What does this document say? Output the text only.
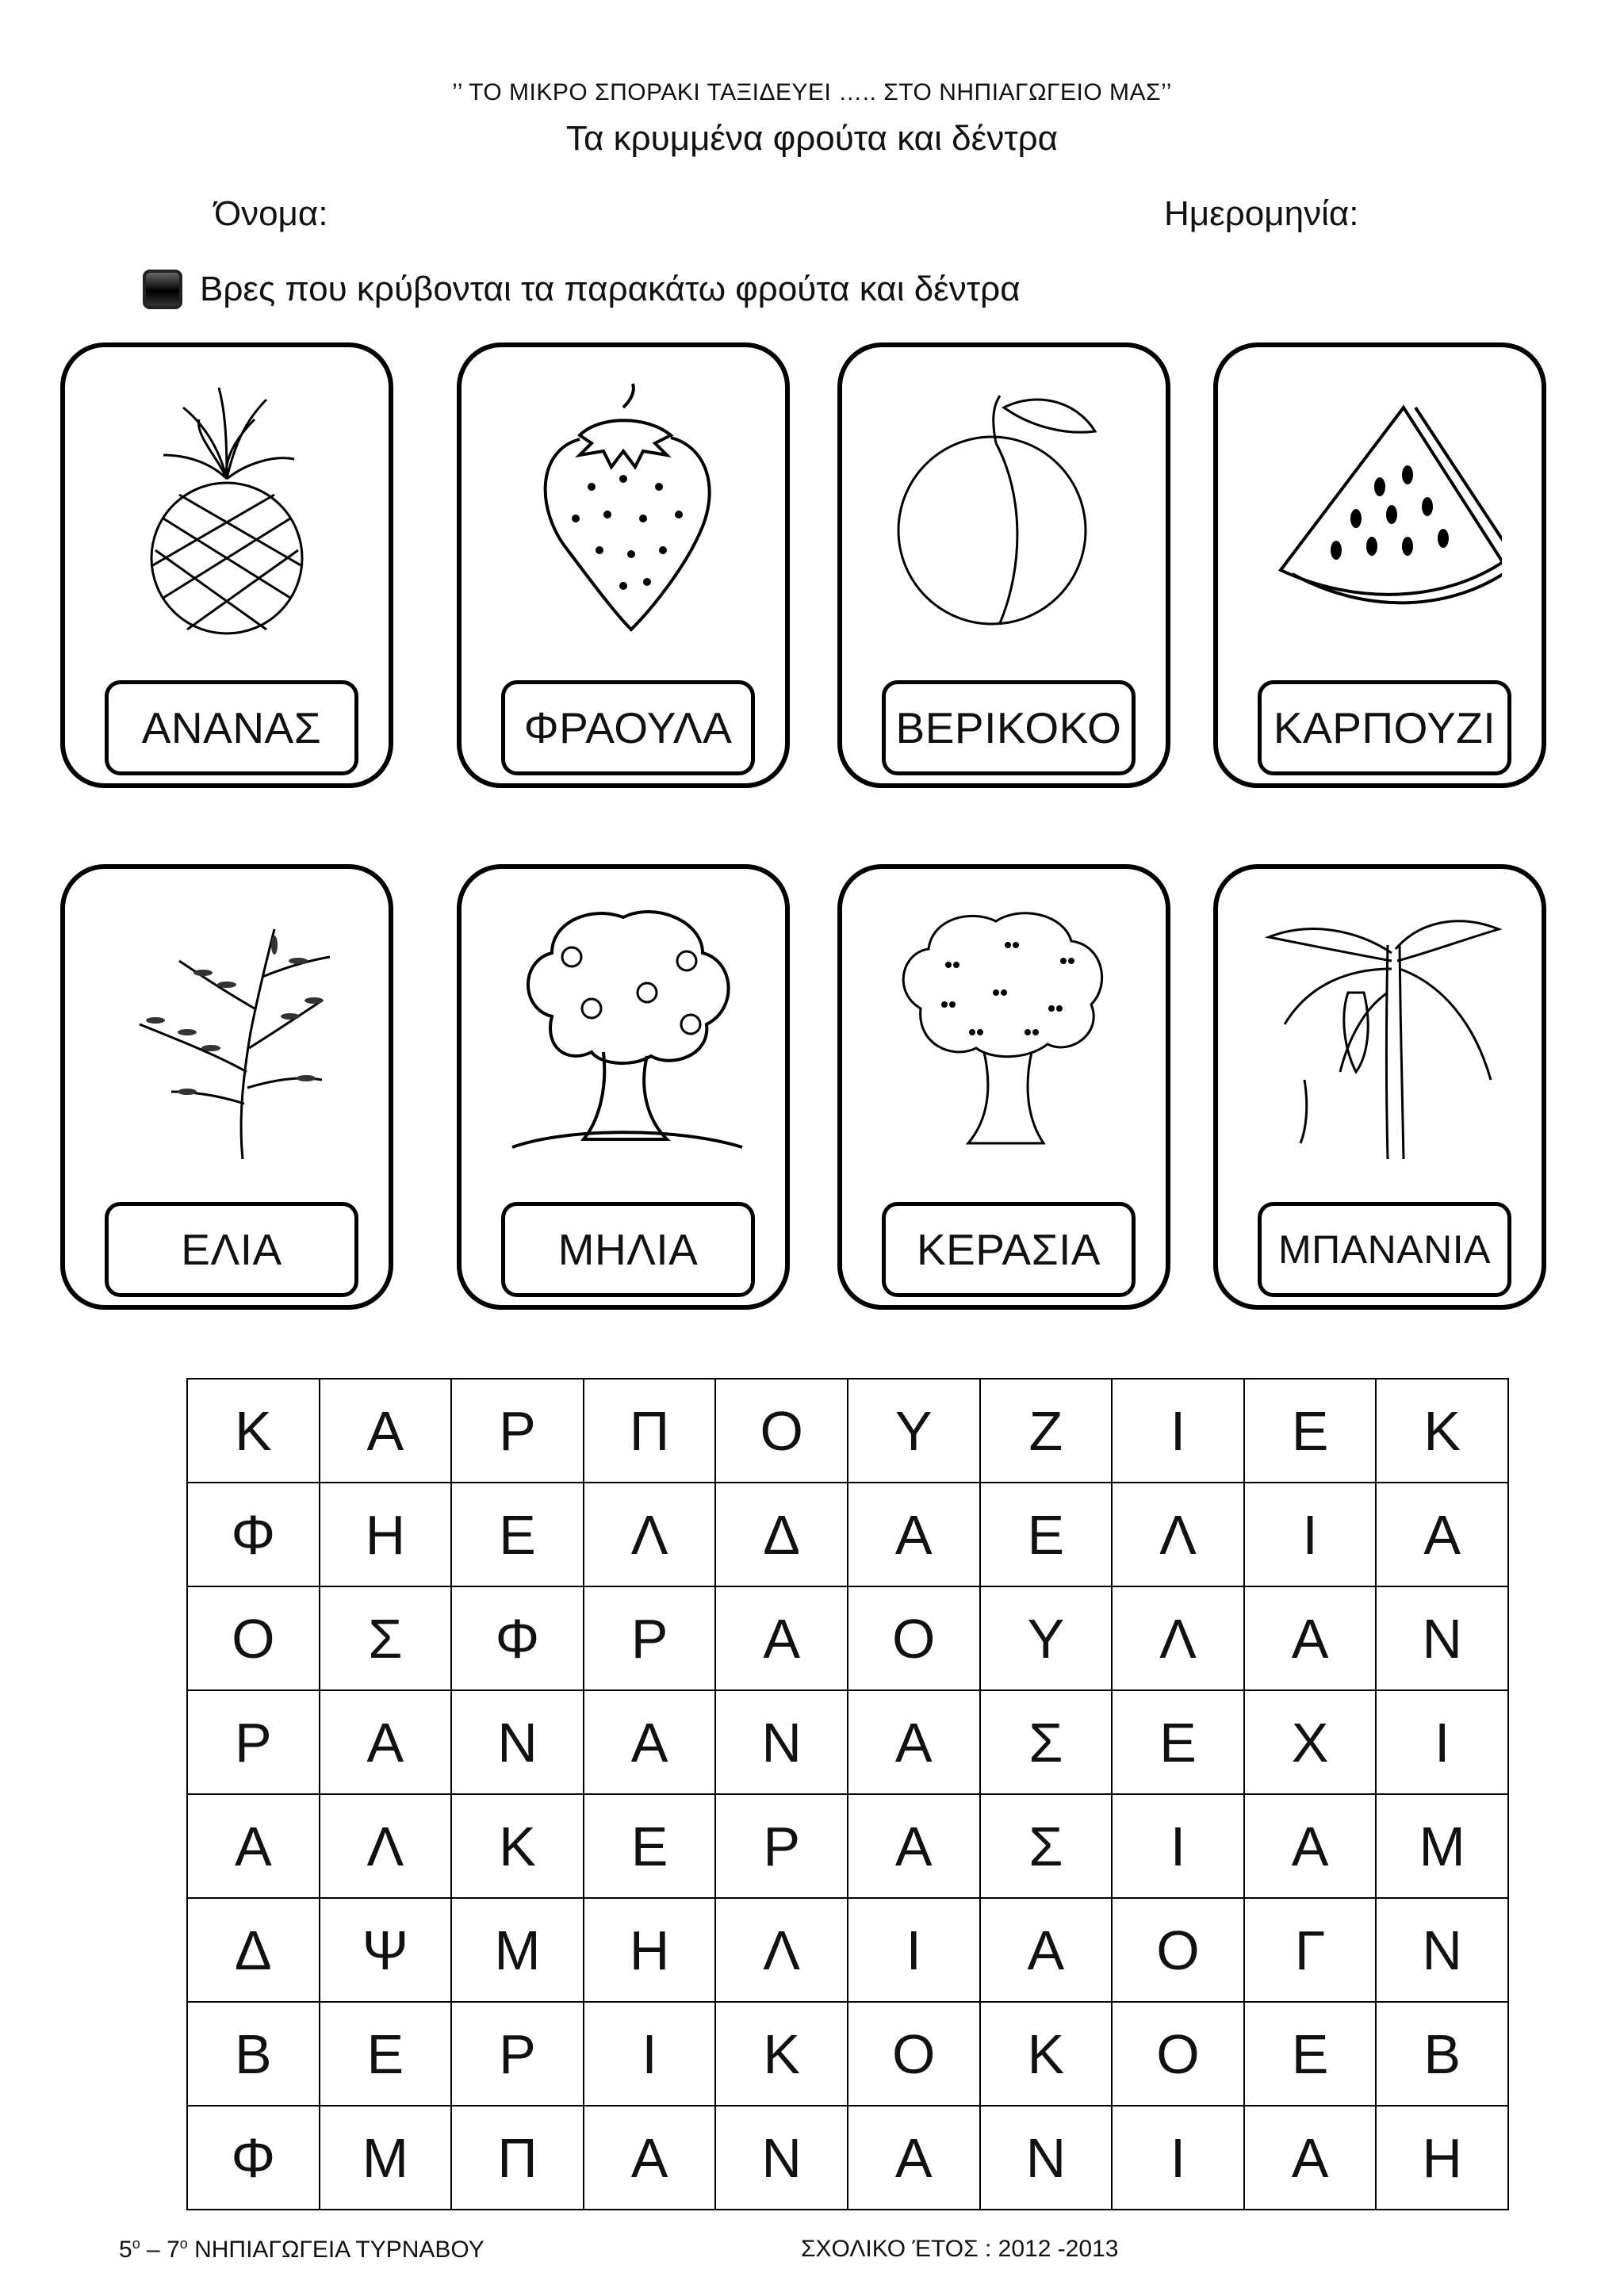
’’ ΤΟ ΜΙΚΡΟ ΣΠΟΡΑΚΙ ΤΑΞΙΔΕΥΕΙ ….. ΣΤΟ ΝΗΠΙΑΓΩΓΕΙΟ ΜΑΣ’’
Τα κρυμμένα φρούτα και δέντρα
Όνομα:	Ημερομηνία:
Βρες που κρύβονται τα παρακάτω φρούτα και δέντρα
ΑΝΑΝΑΣ	ΦΡΑΟΥΛΑ	ΒΕΡΙΚΟΚΟ	ΚΑΡΠΟΥΖΙ
ΕΛΙΑ	ΜΗΛΙΑ	ΚΕΡΑΣΙΑ	ΜΠΑΝΑΝΙΑ
Κ	Α	Ρ	Π	Ο	Υ	Ζ	Ι	Ε	Κ
Φ	Η	Ε	Λ	Δ	Α	Ε	Λ	Ι	Α
Ο	Σ	Φ	Ρ	Α	Ο	Υ	Λ	Α	Ν
Ρ	Α	Ν	Α	Ν	Α	Σ	Ε	Χ	Ι
Α	Λ	Κ	Ε	Ρ	Α	Σ	Ι	Α	Μ
Δ	Ψ	Μ	Η	Λ	Ι	Α	Ο	Γ	Ν
Β	Ε	Ρ	Ι	Κ	Ο	Κ	Ο	Ε	Β
Φ	Μ	Π	Α	Ν	Α	Ν	Ι	Α	Η
$5^o - 7^o$ ΝΗΠΙΑΓΩΓΕΙΑ ΤΥΡΝΑΒΟΥ	ΣΧΟΛΙΚΟ ΈΤΟΣ : 2012 -2013
